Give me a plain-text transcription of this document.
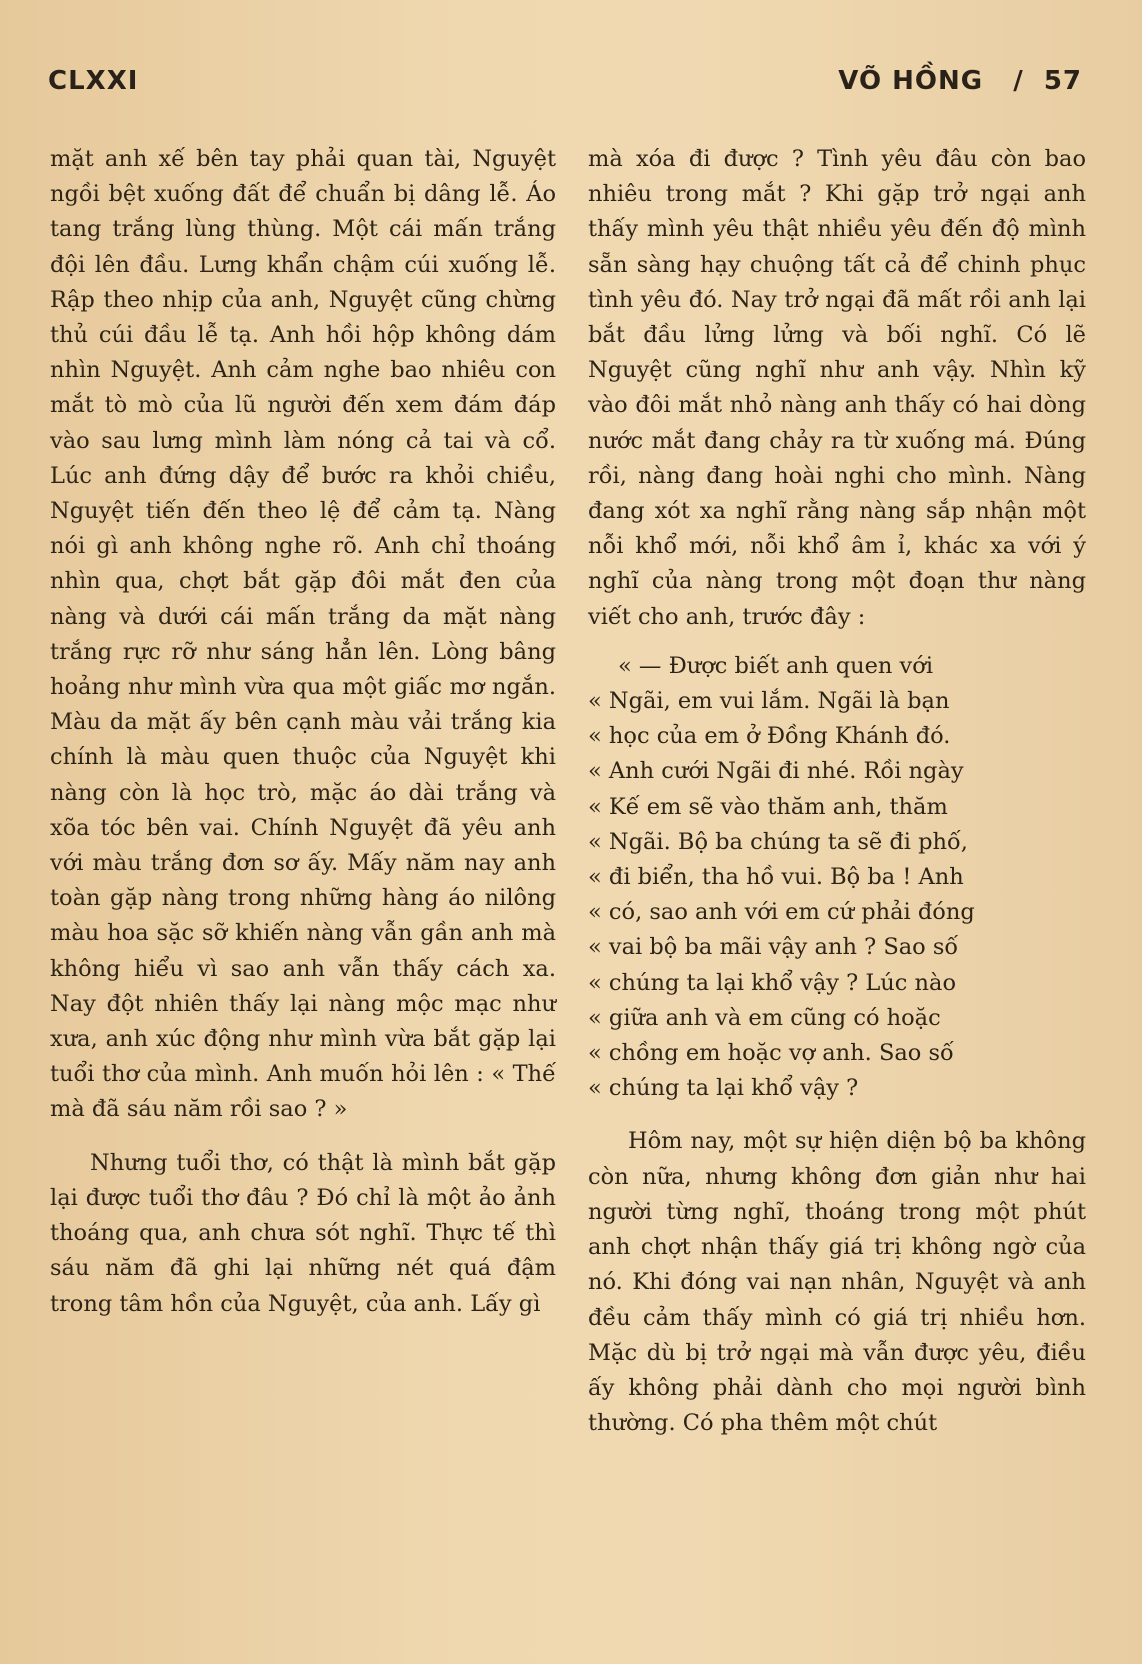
CLXXI	VÕ HỒNG   /  57

mặt anh xế bên tay phải quan tài, Nguyệt ngồi bệt xuống đất để chuẩn bị dâng lễ. Áo tang trắng lùng thùng. Một cái mấn trắng đội lên đầu. Lưng khẩn chậm cúi xuống lễ. Rập theo nhịp của anh, Nguyệt cũng chừng thủ cúi đầu lễ tạ. Anh hồi hộp không dám nhìn Nguyệt. Anh cảm nghe bao nhiêu con mắt tò mò của lũ người đến xem đám đáp vào sau lưng mình làm nóng cả tai và cổ. Lúc anh đứng dậy để bước ra khỏi chiều, Nguyệt tiến đến theo lệ để cảm tạ. Nàng nói gì anh không nghe rõ. Anh chỉ thoáng nhìn qua, chợt bắt gặp đôi mắt đen của nàng và dưới cái mấn trắng da mặt nàng trắng rực rỡ như sáng hẳn lên. Lòng bâng hoảng như mình vừa qua một giấc mơ ngắn. Màu da mặt ấy bên cạnh màu vải trắng kia chính là màu quen thuộc của Nguyệt khi nàng còn là học trò, mặc áo dài trắng và xõa tóc bên vai. Chính Nguyệt đã yêu anh với màu trắng đơn sơ ấy. Mấy năm nay anh toàn gặp nàng trong những hàng áo nilông màu hoa sặc sỡ khiến nàng vẫn gần anh mà không hiểu vì sao anh vẫn thấy cách xa. Nay đột nhiên thấy lại nàng mộc mạc như xưa, anh xúc động như mình vừa bắt gặp lại tuổi thơ của mình. Anh muốn hỏi lên : « Thế mà đã sáu năm rồi sao ? »

Nhưng tuổi thơ, có thật là mình bắt gặp lại được tuổi thơ đâu ? Đó chỉ là một ảo ảnh thoáng qua, anh chưa sót nghĩ. Thực tế thì sáu năm đã ghi lại những nét quá đậm trong tâm hồn của Nguyệt, của anh. Lấy gì

mà xóa đi được ? Tình yêu đâu còn bao nhiêu trong mắt ? Khi gặp trở ngại anh thấy mình yêu thật nhiều yêu đến độ mình sẵn sàng hạy chuộng tất cả để chinh phục tình yêu đó. Nay trở ngại đã mất rồi anh lại bắt đầu lửng lửng và bối nghĩ. Có lẽ Nguyệt cũng nghĩ như anh vậy. Nhìn kỹ vào đôi mắt nhỏ nàng anh thấy có hai dòng nước mắt đang chảy ra từ xuống má. Đúng rồi, nàng đang hoài nghi cho mình. Nàng đang xót xa nghĩ rằng nàng sắp nhận một nỗi khổ mới, nỗi khổ âm ỉ, khác xa với ý nghĩ của nàng trong một đoạn thư nàng viết cho anh, trước đây :

« — Được biết anh quen với

« Ngãi, em vui lắm. Ngãi là bạn

« học của em ở Đồng Khánh đó.

« Anh cưới Ngãi đi nhé. Rồi ngày

« Kế em sẽ vào thăm anh, thăm

« Ngãi. Bộ ba chúng ta sẽ đi phố,

« đi biển, tha hồ vui. Bộ ba ! Anh

« có, sao anh với em cứ phải đóng

« vai bộ ba mãi vậy anh ? Sao số

« chúng ta lại khổ vậy ? Lúc nào

« giữa anh và em cũng có hoặc

« chồng em hoặc vợ anh. Sao số

« chúng ta lại khổ vậy ?

Hôm nay, một sự hiện diện bộ ba không còn nữa, nhưng không đơn giản như hai người từng nghĩ, thoáng trong một phút anh chợt nhận thấy giá trị không ngờ của nó. Khi đóng vai nạn nhân, Nguyệt và anh đều cảm thấy mình có giá trị nhiều hơn. Mặc dù bị trở ngại mà vẫn được yêu, điều ấy không phải dành cho mọi người bình thường. Có pha thêm một chút
